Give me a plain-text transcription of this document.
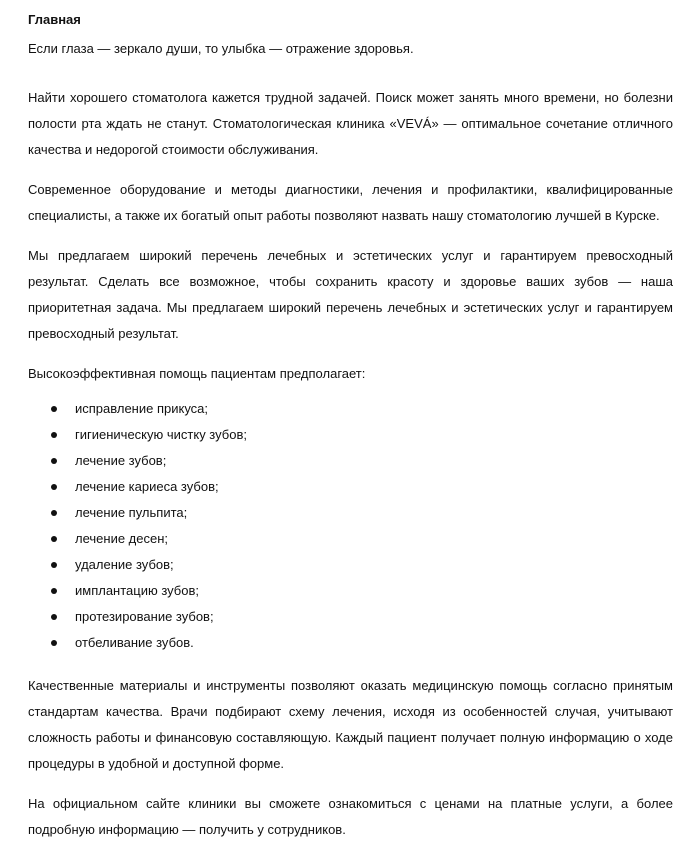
Главная

Если глаза — зеркало души, то улыбка — отражение здоровья.

Найти хорошего стоматолога кажется трудной задачей. Поиск может занять много времени, но болезни полости рта ждать не станут. Стоматологическая клиника «VEVÁ» — оптимальное сочетание отличного качества и недорогой стоимости обслуживания.

Современное оборудование и методы диагностики, лечения и профилактики, квалифицированные специалисты, а также их богатый опыт работы позволяют назвать нашу стоматологию лучшей в Курске.

Мы предлагаем широкий перечень лечебных и эстетических услуг и гарантируем превосходный результат. Сделать все возможное, чтобы сохранить красоту и здоровье ваших зубов — наша приоритетная задача. Мы предлагаем широкий перечень лечебных и эстетических услуг и гарантируем превосходный результат.

Высокоэффективная помощь пациентам предполагает:

исправление прикуса;
гигиеническую чистку зубов;
лечение зубов;
лечение кариеса зубов;
лечение пульпита;
лечение десен;
удаление зубов;
имплантацию зубов;
протезирование зубов;
отбеливание зубов.

Качественные материалы и инструменты позволяют оказать медицинскую помощь согласно принятым стандартам качества. Врачи подбирают схему лечения, исходя из особенностей случая, учитывают сложность работы и финансовую составляющую. Каждый пациент получает полную информацию о ходе процедуры в удобной и доступной форме.

На официальном сайте клиники вы сможете ознакомиться с ценами на платные услуги, а более подробную информацию — получить у сотрудников.
